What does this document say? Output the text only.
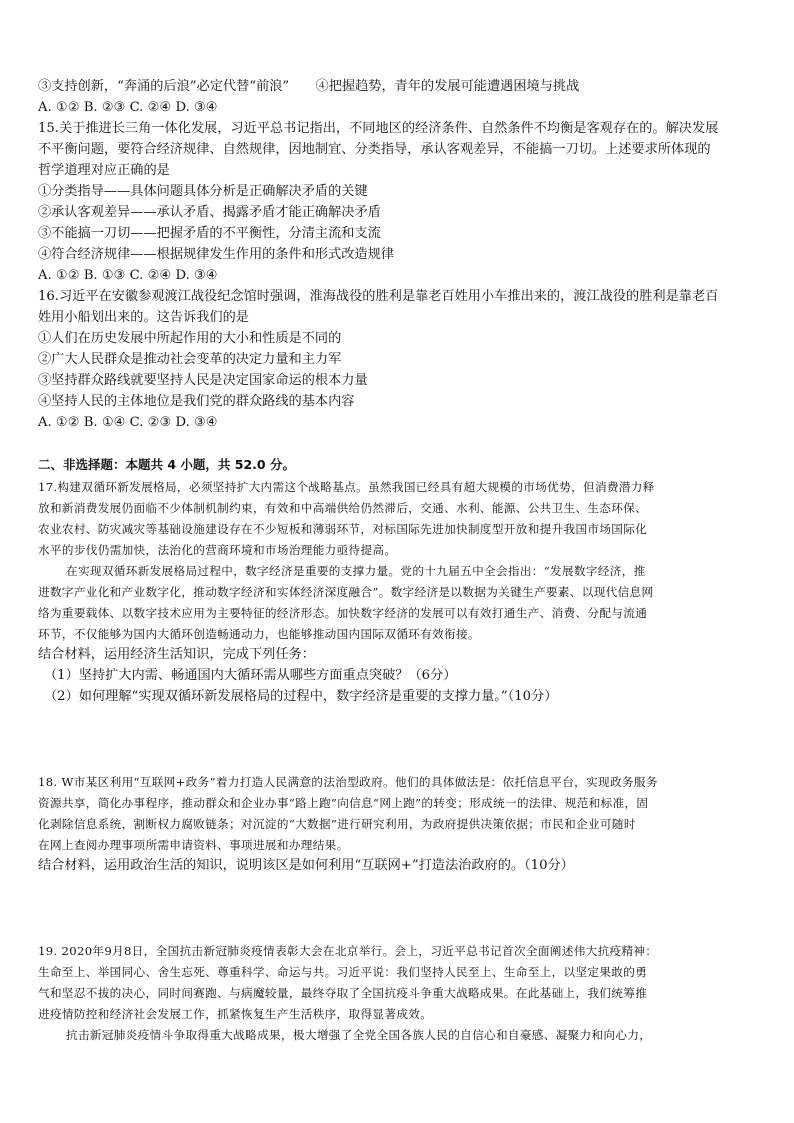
③支持创新，“奔涌的后浪”必定代替“前浪”　　④把握趋势，青年的发展可能遭遇困境与挑战
A. ①② B. ②③ C. ②④ D. ③④
15.关于推进长三角一体化发展，习近平总书记指出，不同地区的经济条件、自然条件不均衡是客观存在的。解决发展
不平衡问题，要符合经济规律、自然规律，因地制宜、分类指导，承认客观差异，不能搞一刀切。上述要求所体现的
哲学道理对应正确的是
①分类指导——具体问题具体分析是正确解决矛盾的关键
②承认客观差异——承认矛盾、揭露矛盾才能正确解决矛盾
③不能搞一刀切——把握矛盾的不平衡性，分清主流和支流
④符合经济规律——根据规律发生作用的条件和形式改造规律
A. ①② B. ①③ C. ②④ D. ③④
16.习近平在安徽参观渡江战役纪念馆时强调，淮海战役的胜利是靠老百姓用小车推出来的，渡江战役的胜利是靠老百
姓用小船划出来的。这告诉我们的是
①人们在历史发展中所起作用的大小和性质是不同的
②广大人民群众是推动社会变革的决定力量和主力军
③坚持群众路线就要坚持人民是决定国家命运的根本力量
④坚持人民的主体地位是我们党的群众路线的基本内容
A. ①② B. ①④ C. ②③ D. ③④
二、非选择题：本题共 4 小题，共 52.0 分。
17.构建双循环新发展格局，必须坚持扩大内需这个战略基点。虽然我国已经具有超大规模的市场优势，但消费潜力释
放和新消费发展仍面临不少体制机制约束，有效和中高端供给仍然滞后，交通、水利、能源、公共卫生、生态环保、
农业农村、防灾减灾等基础设施建设存在不少短板和薄弱环节，对标国际先进加快制度型开放和提升我国市场国际化
水平的步伐仍需加快，法治化的营商环境和市场治理能力亟待提高。
在实现双循环新发展格局过程中，数字经济是重要的支撑力量。党的十九届五中全会指出：“发展数字经济，推
进数字产业化和产业数字化，推动数字经济和实体经济深度融合”。数字经济是以数据为关键生产要素、以现代信息网
络为重要载体、以数字技术应用为主要特征的经济形态。加快数字经济的发展可以有效打通生产、消费、分配与流通
环节，不仅能够为国内大循环创造畅通动力，也能够推动国内国际双循环有效衔接。
结合材料，运用经济生活知识，完成下列任务：
（1）坚持扩大内需、畅通国内大循环需从哪些方面重点突破？（6分）
（2）如何理解“实现双循环新发展格局的过程中，数字经济是重要的支撑力量。”（10分）
18. W市某区利用“互联网+政务”着力打造人民满意的法治型政府。他们的具体做法是：依托信息平台，实现政务服务
资源共享，简化办事程序，推动群众和企业办事“路上跑”向信息“网上跑”的转变；形成统一的法律、规范和标准，固
化剥除信息系统，割断权力腐败链条；对沉淀的“大数据”进行研究利用，为政府提供决策依据；市民和企业可随时
在网上查阅办理事项所需申请资料、事项进展和办理结果。
结合材料，运用政治生活的知识，说明该区是如何利用“互联网+”打造法治政府的。（10分）
19. 2020年9月8日，全国抗击新冠肺炎疫情表彰大会在北京举行。会上，习近平总书记首次全面阐述伟大抗疫精神：
生命至上、举国同心、舍生忘死、尊重科学、命运与共。习近平说：我们坚持人民至上、生命至上，以坚定果敢的勇
气和坚忍不拔的决心，同时间赛跑、与病魔较量，最终夺取了全国抗疫斗争重大战略成果。在此基础上，我们统筹推
进疫情防控和经济社会发展工作，抓紧恢复生产生活秩序，取得显著成效。
抗击新冠肺炎疫情斗争取得重大战略成果，极大增强了全党全国各族人民的自信心和自豪感、凝聚力和向心力，
